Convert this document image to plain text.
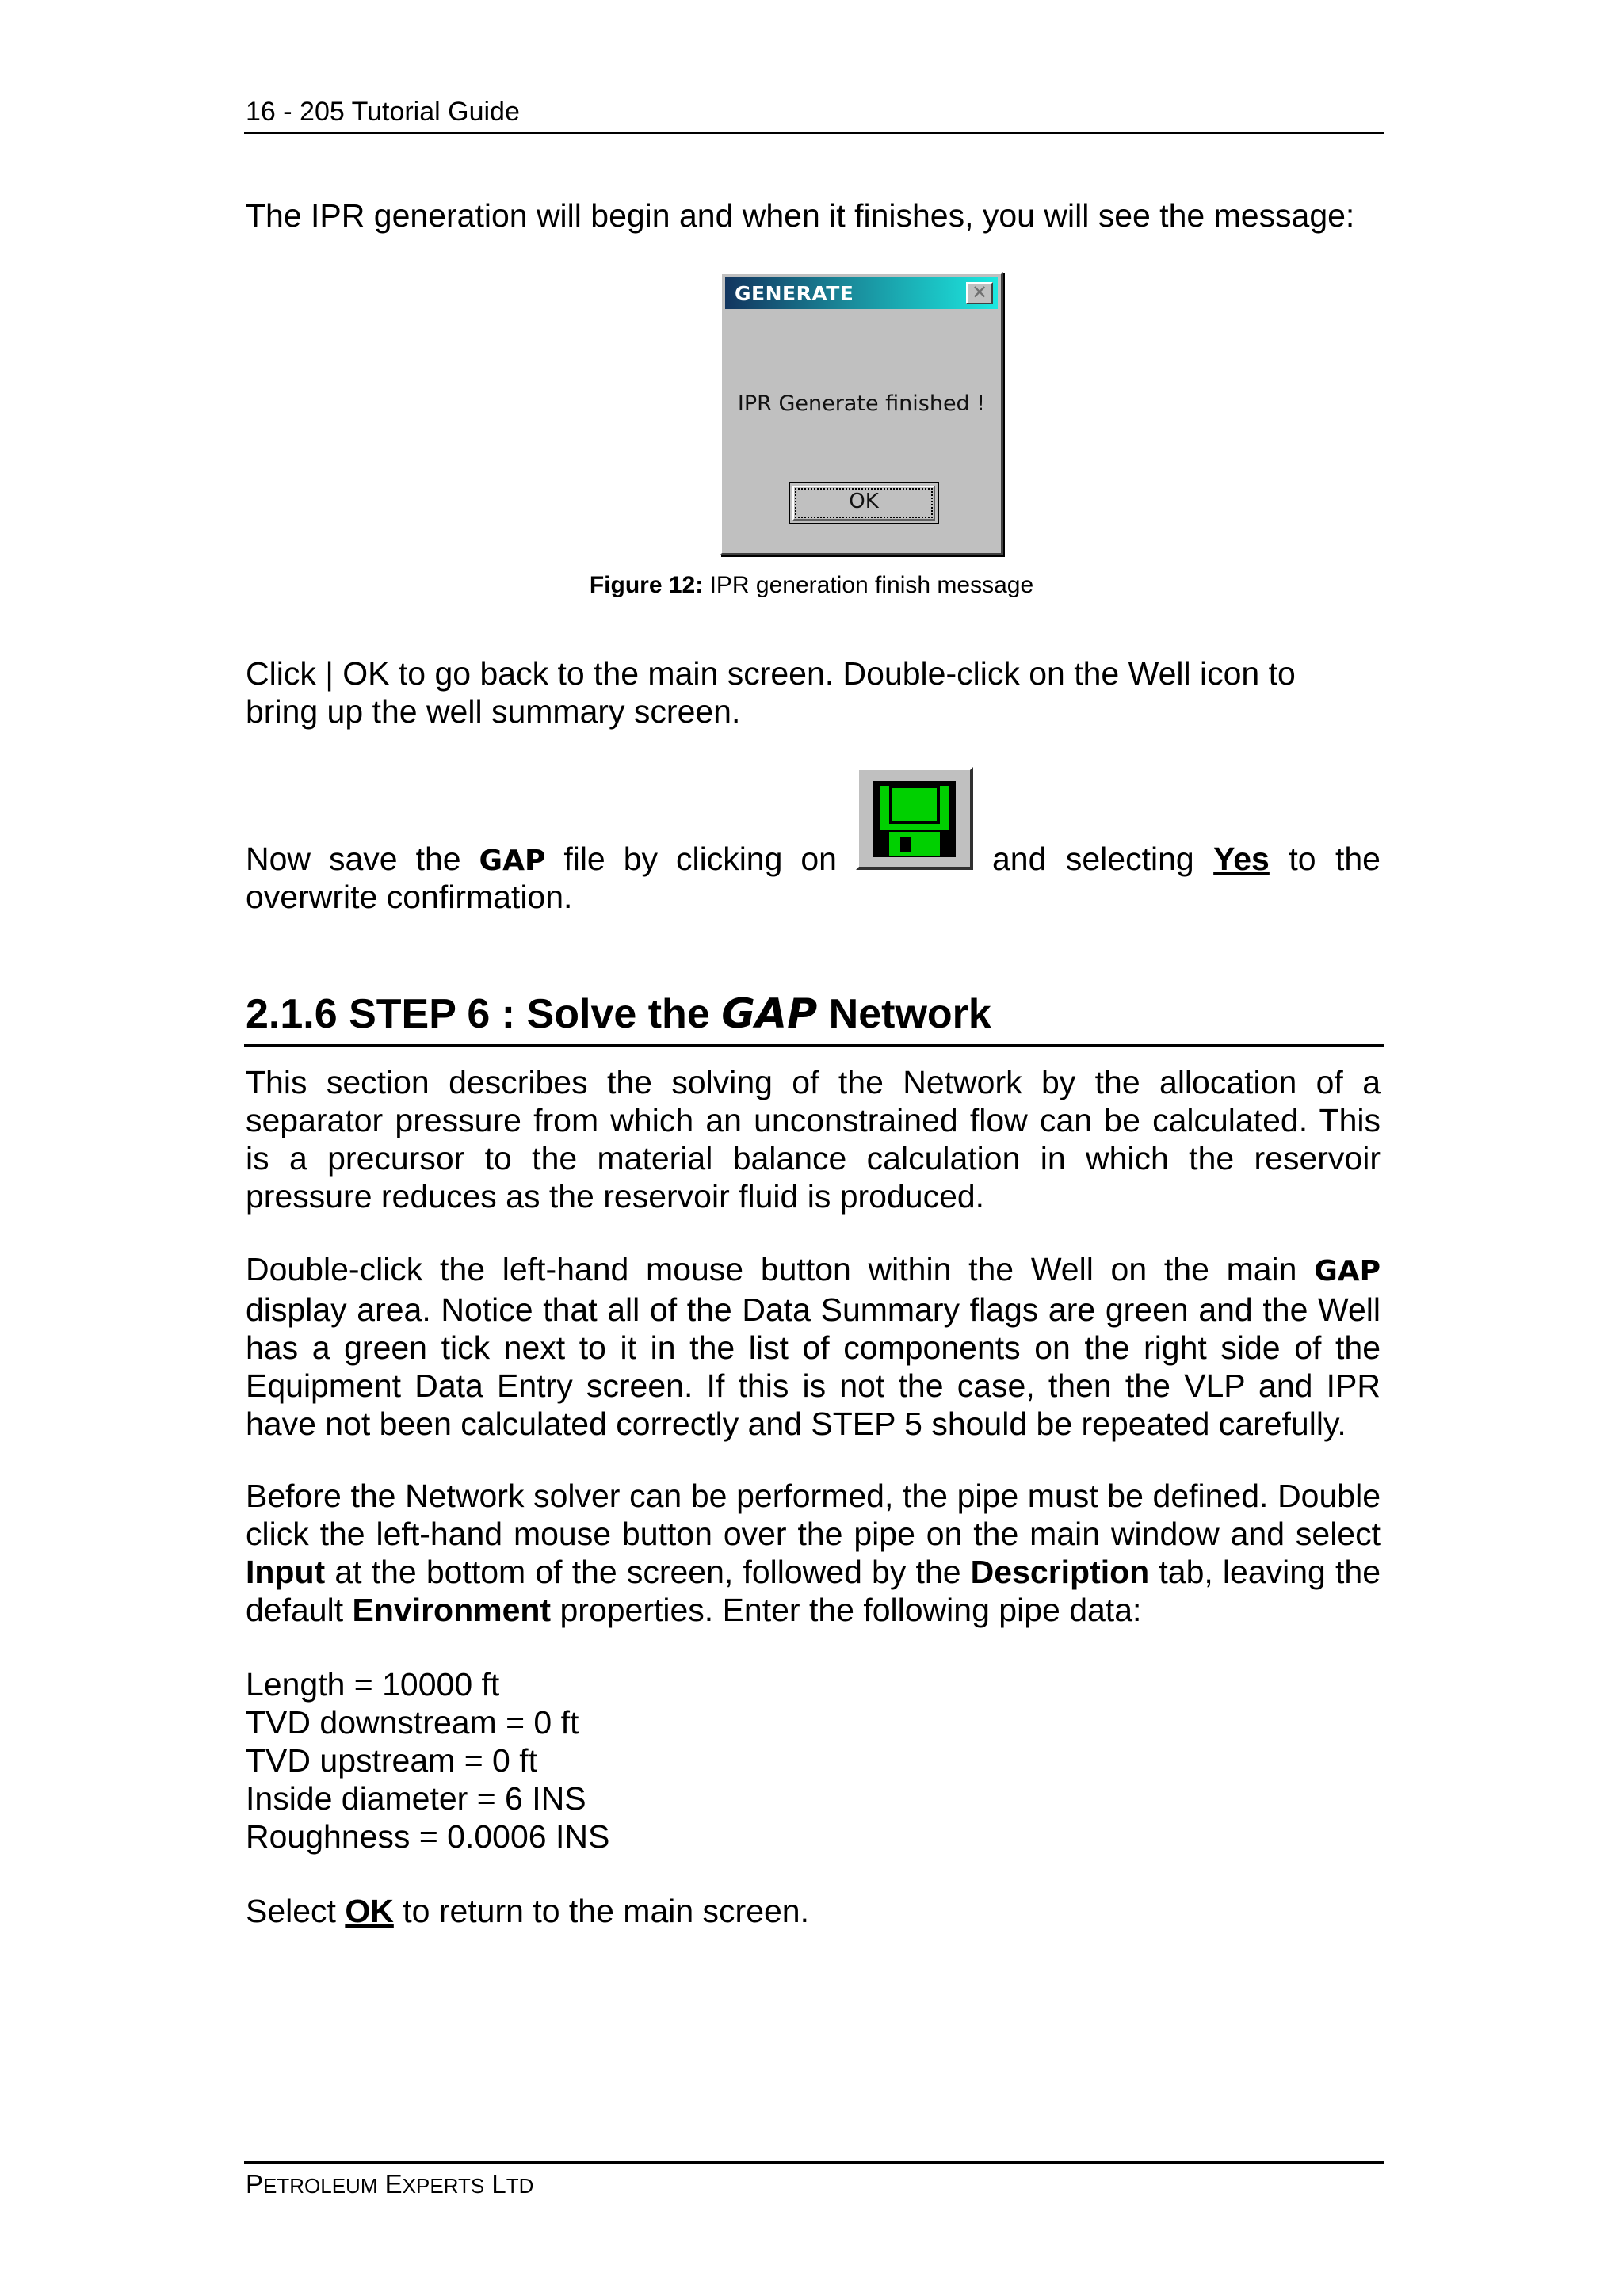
16 - 205 Tutorial Guide
The IPR generation will begin and when it finishes, you will see the message:
GENERATE	✕
IPR Generate finished !
OK
Figure 12: IPR generation finish message
Click | OK to go back to the main screen. Double-click on the Well icon to
bring up the well summary screen.
Now save the GAP file by clicking on	and selecting Yes to the
overwrite confirmation.
2.1.6 STEP 6 : Solve the GAP Network
This section describes the solving of the Network by the allocation of a separator pressure from which an unconstrained flow can be calculated. This is a precursor to the material balance calculation in which the reservoir pressure reduces as the reservoir fluid is produced.
Double-click the left-hand mouse button within the Well on the main GAP display area. Notice that all of the Data Summary flags are green and the Well has a green tick next to it in the list of components on the right side of the Equipment Data Entry screen. If this is not the case, then the VLP and IPR have not been calculated correctly and STEP 5 should be repeated carefully.
Before the Network solver can be performed, the pipe must be defined. Double click the left-hand mouse button over the pipe on the main window and select Input at the bottom of the screen, followed by the Description tab, leaving the default Environment properties. Enter the following pipe data:
Length = 10000 ft
TVD downstream = 0 ft
TVD upstream = 0 ft
Inside diameter = 6 INS
Roughness = 0.0006 INS
Select OK to return to the main screen.
PETROLEUM EXPERTS LTD
